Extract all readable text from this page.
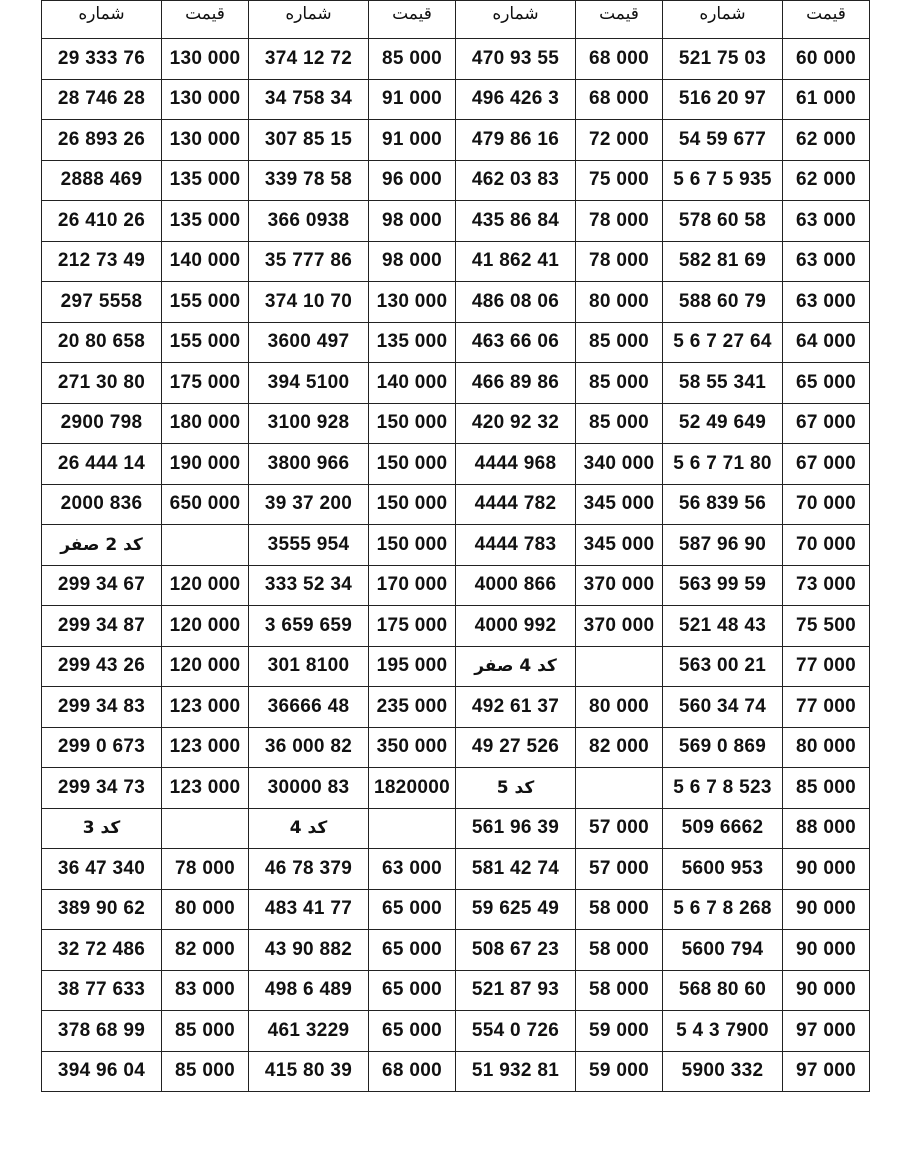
شماره	قیمت	شماره	قیمت	شماره	قیمت	شماره	قیمت
29 333 76	130 000	374 12 72	85 000	470 93 55	68 000	521 75 03	60 000
28 746 28	130 000	34 758 34	91 000	496 426 3	68 000	516 20 97	61 000
26 893 26	130 000	307 85 15	91 000	479 86 16	72 000	54 59 677	62 000
2888 469	135 000	339 78 58	96 000	462 03 83	75 000	5 6 7 5 935	62 000
26 410 26	135 000	366 0938	98 000	435 86 84	78 000	578 60 58	63 000
212 73 49	140 000	35 777 86	98 000	41 862 41	78 000	582 81 69	63 000
297 5558	155 000	374 10 70	130 000	486 08 06	80 000	588 60 79	63 000
20 80 658	155 000	3600 497	135 000	463 66 06	85 000	5 6 7 27 64	64 000
271 30 80	175 000	394 5100	140 000	466 89 86	85 000	58 55 341	65 000
2900 798	180 000	3100 928	150 000	420 92 32	85 000	52 49 649	67 000
26 444 14	190 000	3800 966	150 000	4444 968	340 000	5 6 7 71 80	67 000
2000 836	650 000	39 37 200	150 000	4444 782	345 000	56 839 56	70 000
کد 2 صفر		3555 954	150 000	4444 783	345 000	587 96 90	70 000
299 34 67	120 000	333 52 34	170 000	4000 866	370 000	563 99 59	73 000
299 34 87	120 000	3 659 659	175 000	4000 992	370 000	521 48 43	75 500
299 43 26	120 000	301 8100	195 000	کد 4 صفر		563 00 21	77 000
299 34 83	123 000	36666 48	235 000	492 61 37	80 000	560 34 74	77 000
299 0 673	123 000	36 000 82	350 000	49 27 526	82 000	569 0 869	80 000
299 34 73	123 000	30000 83	1820000	کد 5		5 6 7 8 523	85 000
کد 3		کد 4		561 96 39	57 000	509 6662	88 000
36 47 340	78 000	46 78 379	63 000	581 42 74	57 000	5600 953	90 000
389 90 62	80 000	483 41 77	65 000	59 625 49	58 000	5 6 7 8 268	90 000
32 72 486	82 000	43 90 882	65 000	508 67 23	58 000	5600 794	90 000
38 77 633	83 000	498 6 489	65 000	521 87 93	58 000	568 80 60	90 000
378 68 99	85 000	461 3229	65 000	554 0 726	59 000	5 4 3 7900	97 000
394 96 04	85 000	415 80 39	68 000	51 932 81	59 000	5900 332	97 000
